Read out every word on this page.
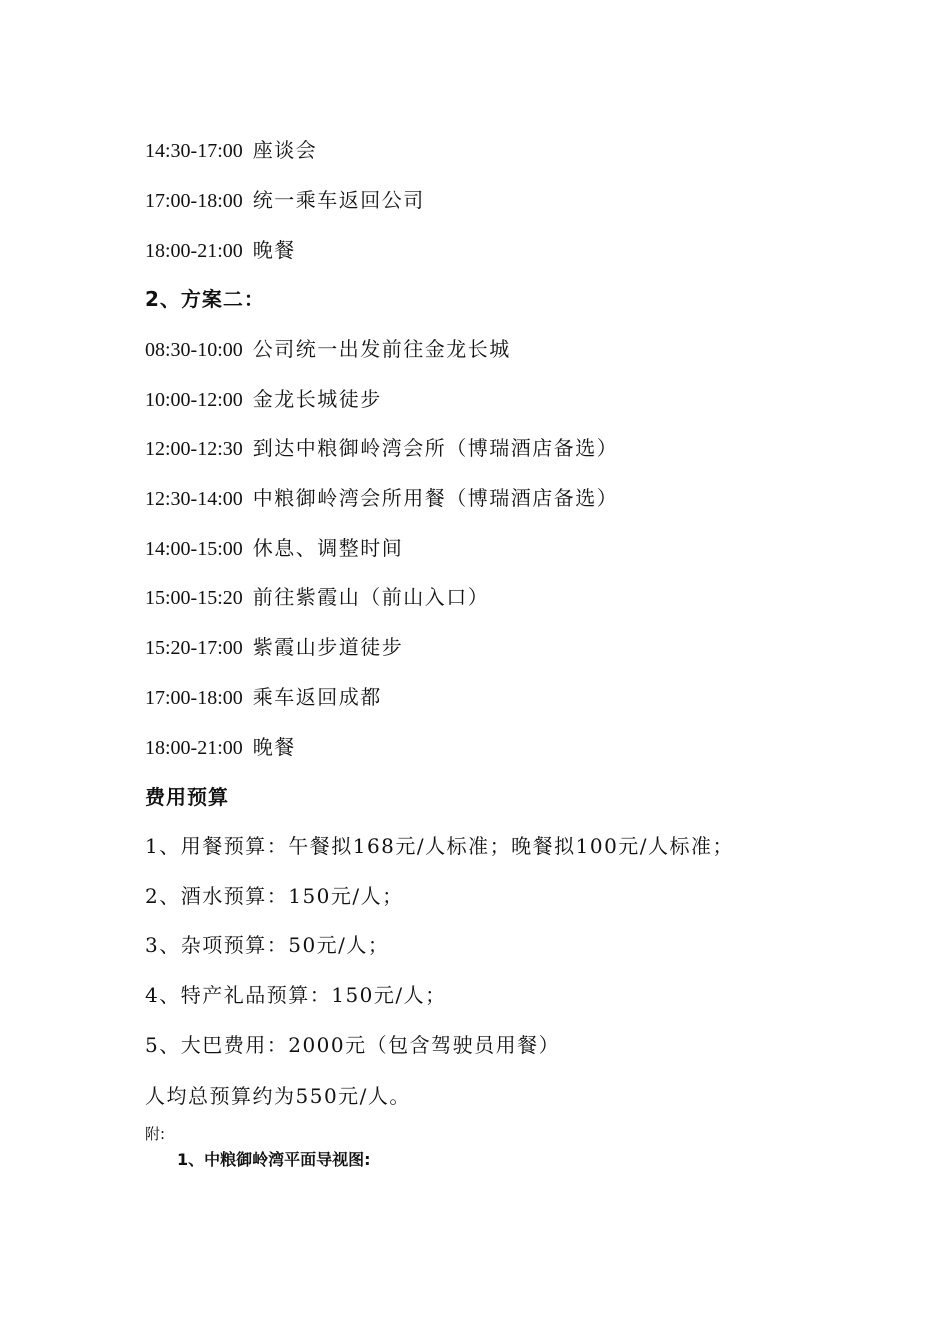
14:30-17:00 座谈会
17:00-18:00 统一乘车返回公司
18:00-21:00 晚餐
2、方案二：
08:30-10:00 公司统一出发前往金龙长城
10:00-12:00 金龙长城徒步
12:00-12:30 到达中粮御岭湾会所（博瑞酒店备选）
12:30-14:00 中粮御岭湾会所用餐（博瑞酒店备选）
14:00-15:00 休息、调整时间
15:00-15:20 前往紫霞山（前山入口）
15:20-17:00 紫霞山步道徒步
17:00-18:00 乘车返回成都
18:00-21:00 晚餐
费用预算
1、用餐预算：午餐拟168元/人标准；晚餐拟100元/人标准；
2、酒水预算：150元/人；
3、杂项预算：50元/人；
4、特产礼品预算：150元/人；
5、大巴费用：2000元（包含驾驶员用餐）
人均总预算约为550元/人。
附:
1、中粮御岭湾平面导视图:
